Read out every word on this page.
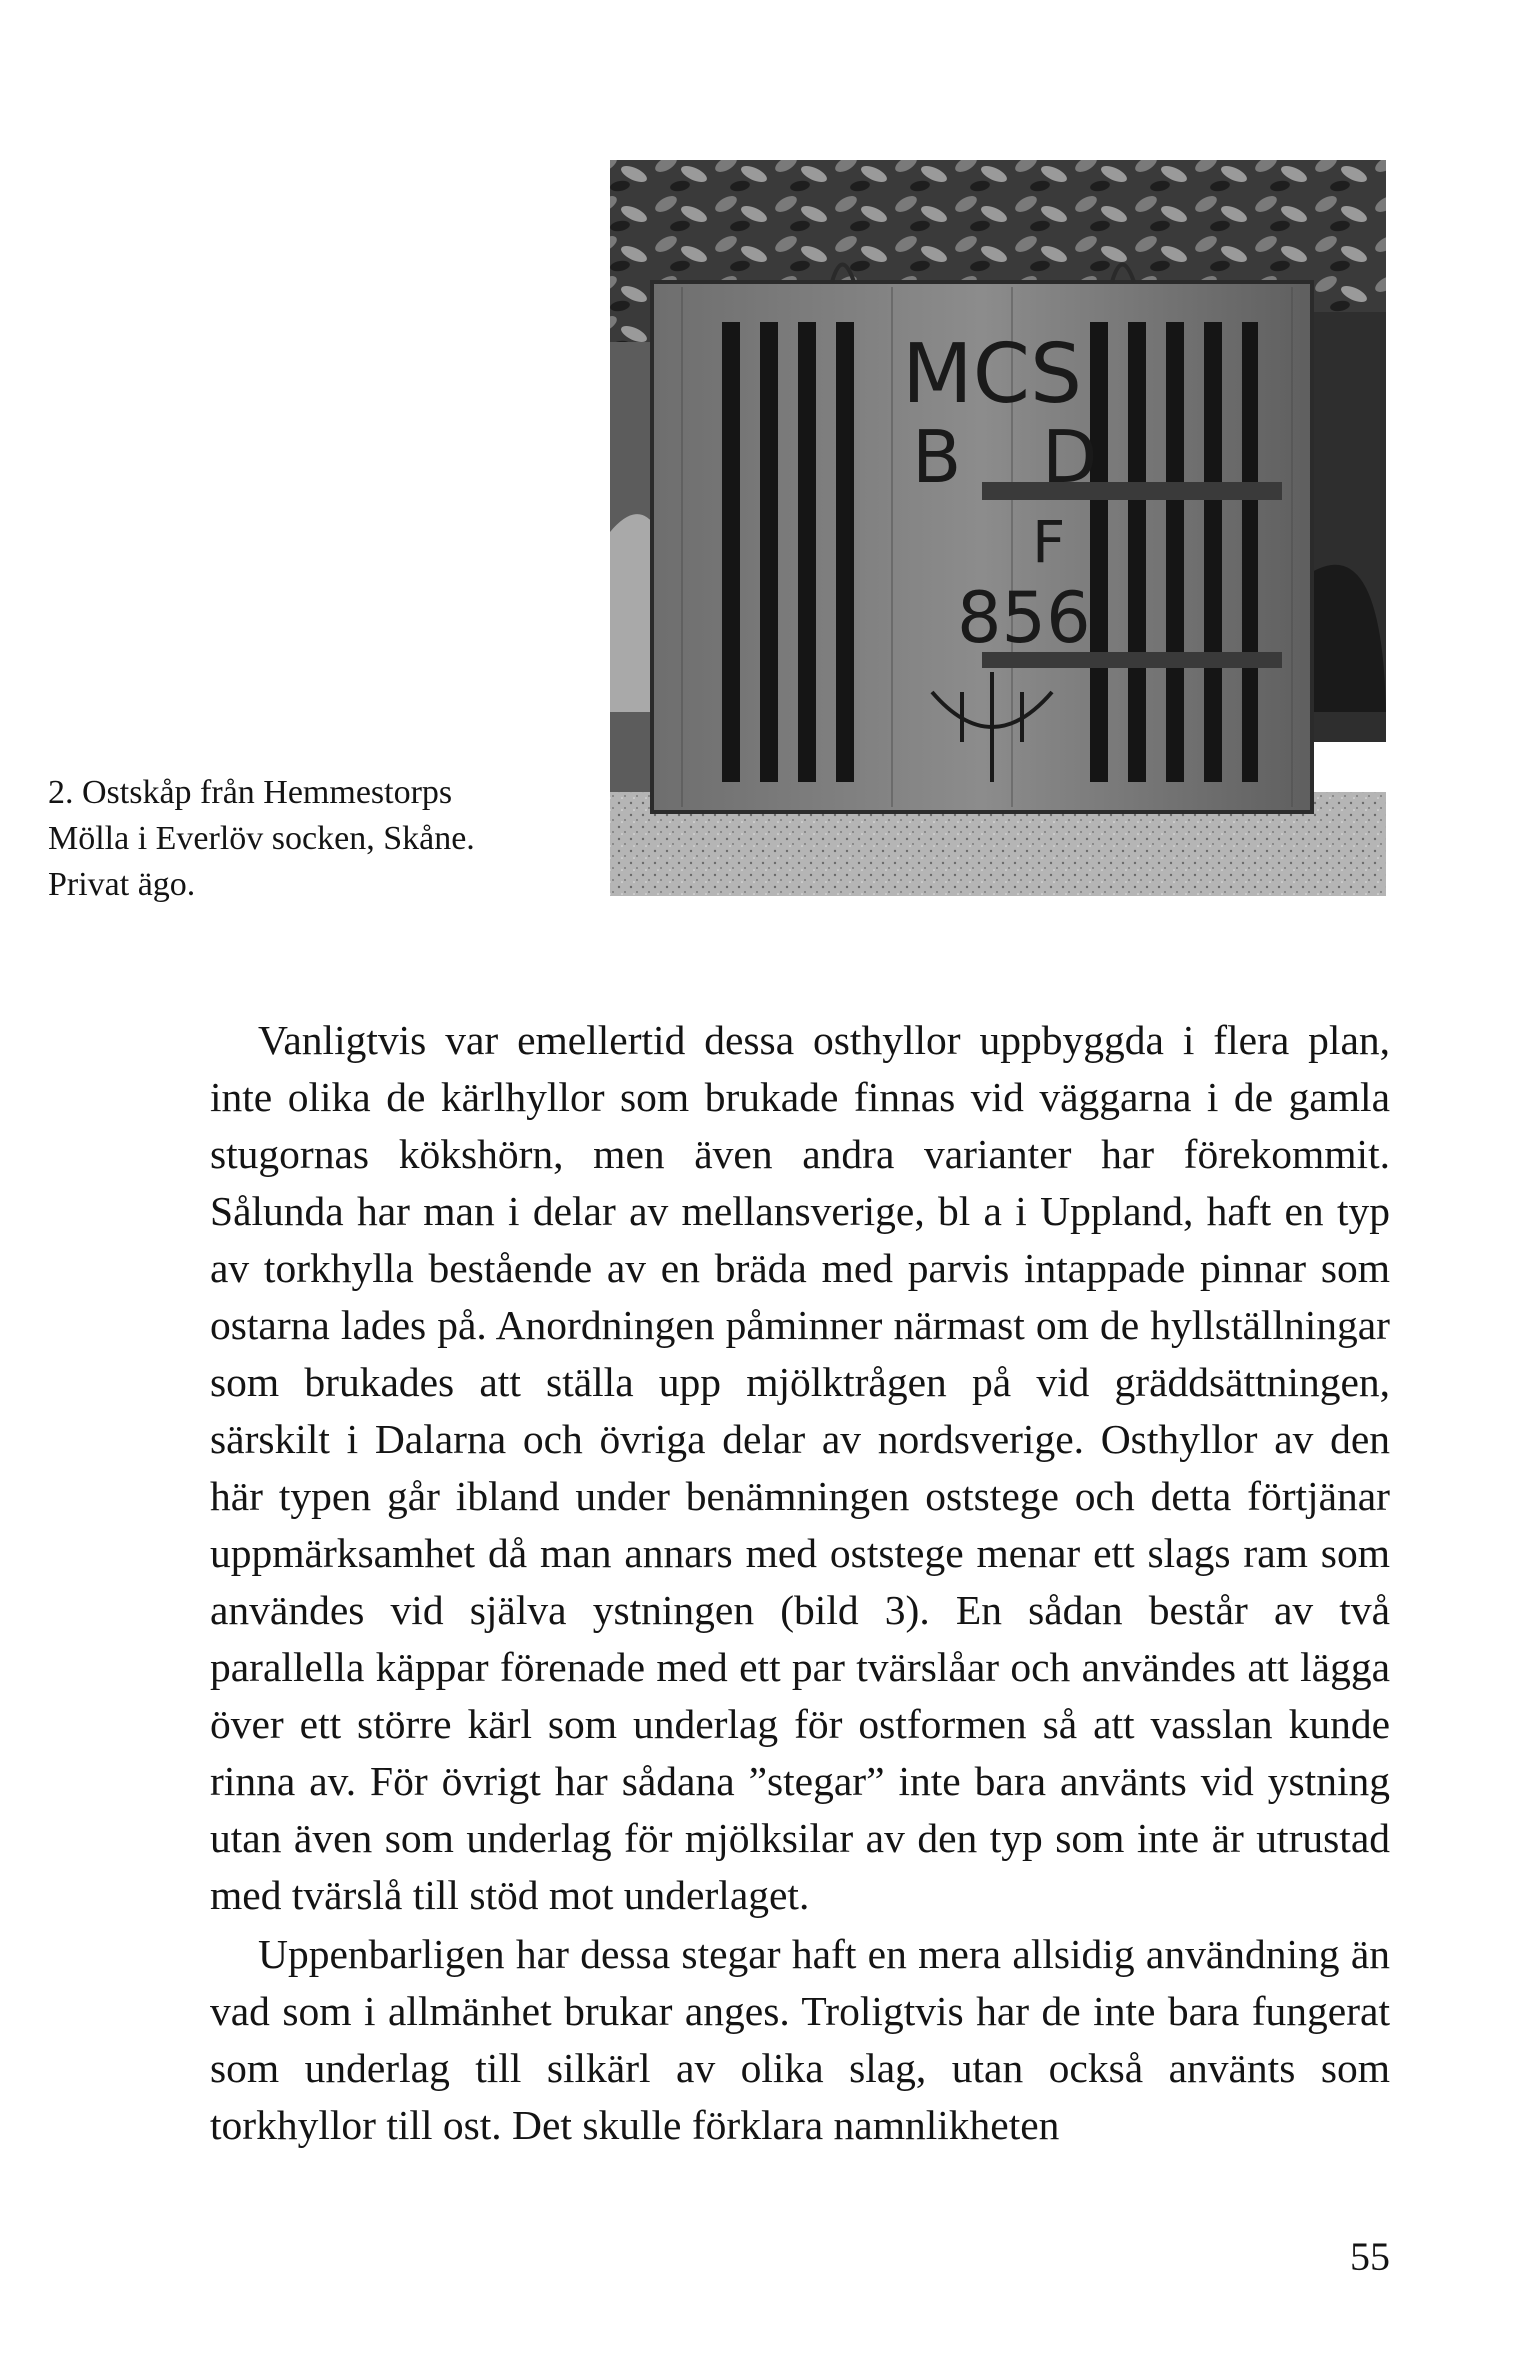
MCS
B D
F
856
2. Ostskåp från Hemmestorps
Mölla i Everlöv socken, Skåne.
Privat ägo.

Vanligtvis var emellertid dessa osthyllor uppbyggda i flera plan, inte olika de kärlhyllor som brukade finnas vid väggarna i de gamla stugornas kökshörn, men även andra varianter har förekommit. Sålunda har man i delar av mellansverige, bl a i Uppland, haft en typ av torkhylla bestående av en bräda med parvis intappade pinnar som ostarna lades på. Anordningen påminner närmast om de hyllställningar som brukades att ställa upp mjölktrågen på vid gräddsättningen, särskilt i Dalarna och övriga delar av nordsverige. Osthyllor av den här typen går ibland under benämningen oststege och detta förtjänar uppmärksamhet då man annars med oststege menar ett slags ram som användes vid själva ystningen (bild 3). En sådan består av två parallella käppar förenade med ett par tvärslåar och användes att lägga över ett större kärl som underlag för ostformen så att vasslan kunde rinna av. För övrigt har sådana ”stegar” inte bara använts vid ystning utan även som underlag för mjölksilar av den typ som inte är utrustad med tvärslå till stöd mot underlaget.

Uppenbarligen har dessa stegar haft en mera allsidig användning än vad som i allmänhet brukar anges. Troligtvis har de inte bara fungerat som underlag till silkärl av olika slag, utan också använts som torkhyllor till ost. Det skulle förklara namnlikheten

55
